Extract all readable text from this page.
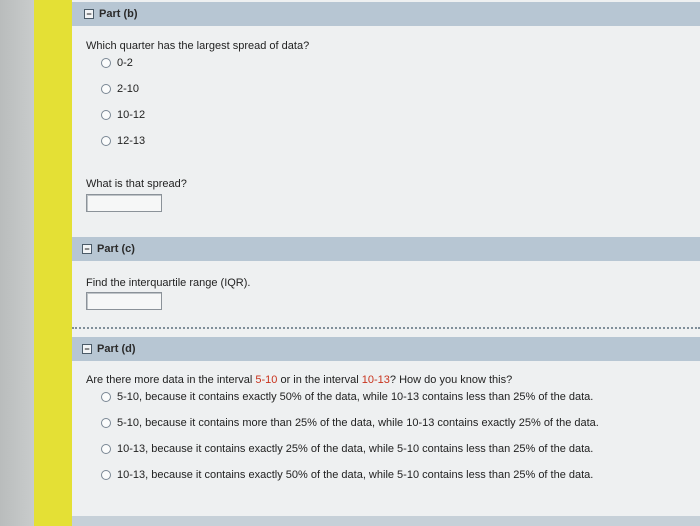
− Part (b)
Which quarter has the largest spread of data?
0-2
2-10
10-12
12-13
What is that spread?
− Part (c)
Find the interquartile range (IQR).
− Part (d)
Are there more data in the interval 5-10 or in the interval 10-13? How do you know this?
5-10, because it contains exactly 50% of the data, while 10-13 contains less than 25% of the data.
5-10, because it contains more than 25% of the data, while 10-13 contains exactly 25% of the data.
10-13, because it contains exactly 25% of the data, while 5-10 contains less than 25% of the data.
10-13, because it contains exactly 50% of the data, while 5-10 contains less than 25% of the data.
